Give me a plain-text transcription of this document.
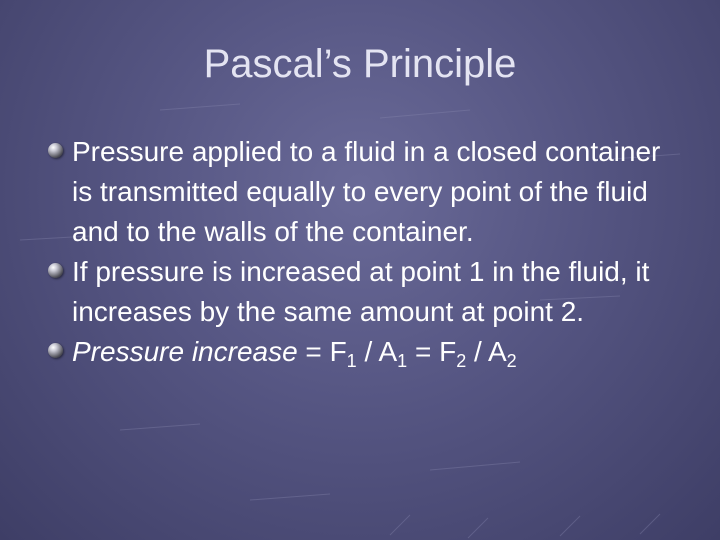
Pascal’s Principle
Pressure applied to a fluid in a closed container is transmitted equally to every point of the fluid and to the walls of the container.
If pressure is increased at point 1 in the fluid, it increases by the same amount at point 2.
Pressure increase = $F_1 / A_1 = F_2 / A_2$
